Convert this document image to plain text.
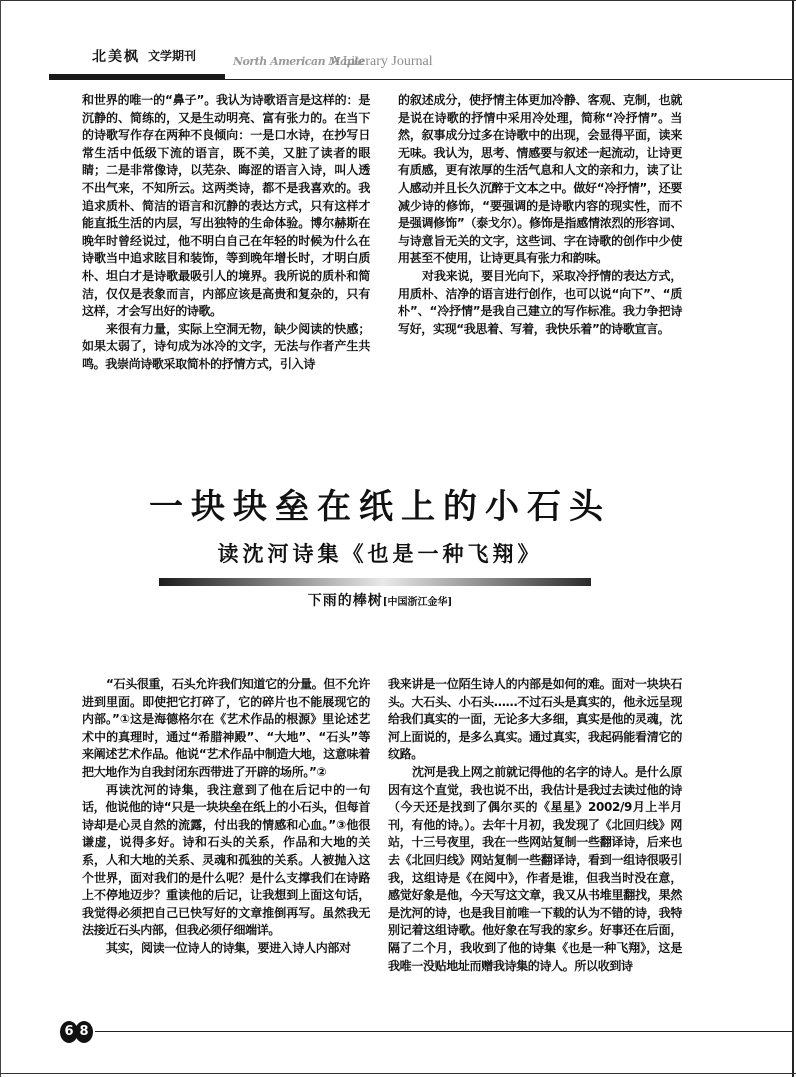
北美枫 文学期刊	North American Maple
A Literary Journal

和世界的唯一的“鼻子”。我认为诗歌语言是这样的：是沉静的、简练的，又是生动明亮、富有张力的。在当下的诗歌写作存在两种不良倾向：一是口水诗，在抄写日常生活中低级下流的语言，既不美，又脏了读者的眼睛；二是非常像诗，以芜杂、晦涩的语言入诗，叫人透不出气来，不知所云。这两类诗，都不是我喜欢的。我追求质朴、简洁的语言和沉静的表达方式，只有这样才能直抵生活的内层，写出独特的生命体验。博尔赫斯在晚年时曾经说过，他不明白自己在年轻的时候为什么在诗歌当中追求眩目和装饰，等到晚年增长时，才明白质朴、坦白才是诗歌最吸引人的境界。我所说的质朴和简洁，仅仅是表象而言，内部应该是高贵和复杂的，只有这样，才会写出好的诗歌。

来很有力量，实际上空洞无物，缺少阅读的快感；如果太弱了，诗句成为冰冷的文字，无法与作者产生共鸣。我崇尚诗歌采取简朴的抒情方式，引入诗

的叙述成分，使抒情主体更加冷静、客观、克制，也就是说在诗歌的抒情中采用冷处理，简称“冷抒情”。当然，叙事成分过多在诗歌中的出现，会显得平面，读来无味。我认为，思考、情感要与叙述一起流动，让诗更有质感，更有浓厚的生活气息和人文的亲和力，读了让人感动并且长久沉醉于文本之中。做好“冷抒情”，还要减少诗的修饰，“要强调的是诗歌内容的现实性，而不是强调修饰”（泰戈尔）。修饰是指感情浓烈的形容词、与诗意旨无关的文字，这些词、字在诗歌的创作中少使用甚至不使用，让诗更具有张力和韵味。

对我来说，要目光向下，采取冷抒情的表达方式，用质朴、洁净的语言进行创作，也可以说“向下”、“质朴”、“冷抒情”是我自己建立的写作标准。我力争把诗写好，实现“我思着、写着，我快乐着”的诗歌宣言。

一块块垒在纸上的小石头
读沈河诗集《也是一种飞翔》
下雨的棒树[中国浙江金华]

“石头很重，石头允许我们知道它的分量。但不允许进到里面。即使把它打碎了，它的碎片也不能展现它的内部。”①这是海德格尔在《艺术作品的根源》里论述艺术中的真理时，通过“希腊神殿”、“大地”、“石头”等来阐述艺术作品。他说“艺术作品中制造大地，这意味着把大地作为自我封闭东西带进了开辟的场所。”②

再读沈河的诗集，我注意到了他在后记中的一句话，他说他的诗“只是一块块垒在纸上的小石头，但每首诗却是心灵自然的流露，付出我的情感和心血。”③他很谦虚，说得多好。诗和石头的关系，作品和大地的关系，人和大地的关系、灵魂和孤独的关系。人被抛入这个世界，面对我们的是什么呢？是什么支撑我们在诗路上不停地迈步？重读他的后记，让我想到上面这句话，我觉得必须把自己已快写好的文章推倒再写。虽然我无法接近石头内部，但我必须仔细端详。

其实，阅读一位诗人的诗集，要进入诗人内部对

我来讲是一位陌生诗人的内部是如何的难。面对一块块石头。大石头、小石头……不过石头是真实的，他永远呈现给我们真实的一面，无论多大多细，真实是他的灵魂，沈河上面说的，是多么真实。通过真实，我起码能看清它的纹路。

沈河是我上网之前就记得他的名字的诗人。是什么原因有这个直觉，我也说不出，我估计是我过去读过他的诗（今天还是找到了偶尔买的《星星》2002/9月上半月刊，有他的诗。）。去年十月初，我发现了《北回归线》网站，十三号夜里，我在一些网站复制一些翻译诗，后来也去《北回归线》网站复制一些翻译诗，看到一组诗很吸引我，这组诗是《在阅中》，作者是谁，但我当时没在意，感觉好象是他，今天写这文章，我又从书堆里翻找，果然是沈河的诗，也是我目前唯一下载的认为不错的诗，我特别记着这组诗歌。他好象在写我的家乡。好事还在后面，隔了二个月，我收到了他的诗集《也是一种飞翔》，这是我唯一没贴地址而赠我诗集的诗人。所以收到诗

6 8
